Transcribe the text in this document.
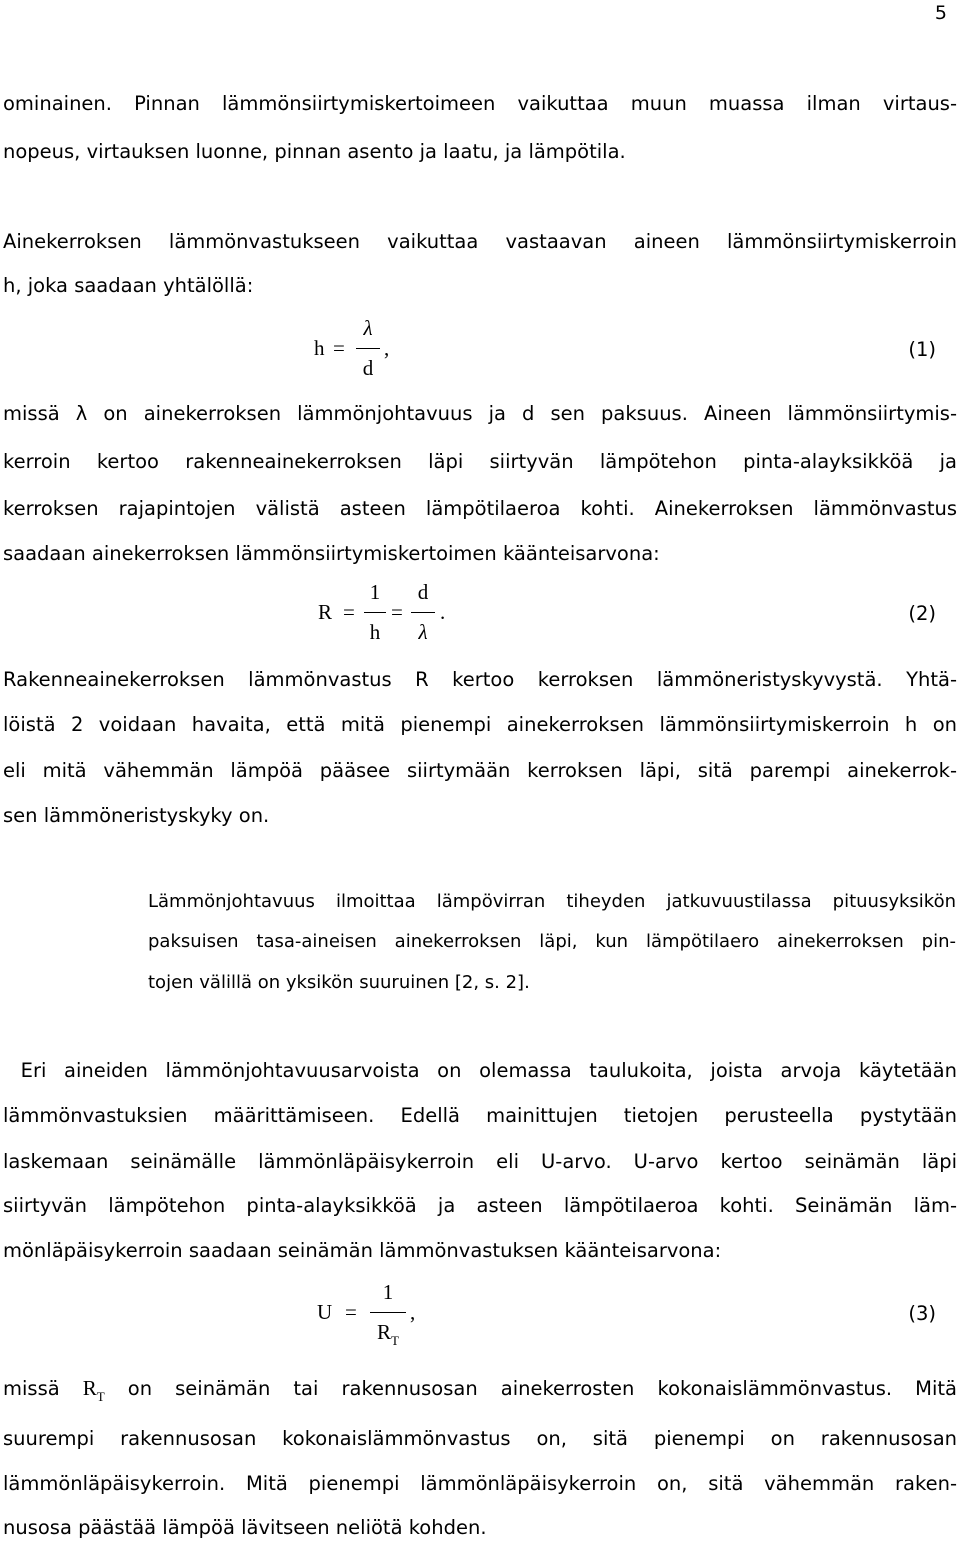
5
ominainen. Pinnan lämmönsiirtymiskertoimeen vaikuttaa muun muassa ilman virtaus-
nopeus, virtauksen luonne, pinnan asento ja laatu, ja lämpötila.
Ainekerroksen lämmönvastukseen vaikuttaa vastaavan aineen lämmönsiirtymiskerroin
h, joka saadaan yhtälöllä:
h =
λ
d
,	(1)
missä λ on ainekerroksen lämmönjohtavuus ja d sen paksuus. Aineen lämmönsiirtymis-
kerroin kertoo rakenneainekerroksen läpi siirtyvän lämpötehon pinta-alayksikköä ja
kerroksen rajapintojen välistä asteen lämpötilaeroa kohti. Ainekerroksen lämmönvastus
saadaan ainekerroksen lämmönsiirtymiskertoimen käänteisarvona:
R =
1
h
=
d
λ
.	(2)
Rakenneainekerroksen lämmönvastus R kertoo kerroksen lämmöneristyskyvystä. Yhtä-
löistä 2 voidaan havaita, että mitä pienempi ainekerroksen lämmönsiirtymiskerroin h on
eli mitä vähemmän lämpöä pääsee siirtymään kerroksen läpi, sitä parempi ainekerrok-
sen lämmöneristyskyky on.
Lämmönjohtavuus ilmoittaa lämpövirran tiheyden jatkuvuustilassa pituusyksikön
paksuisen tasa-aineisen ainekerroksen läpi, kun lämpötilaero ainekerroksen pin-
tojen välillä on yksikön suuruinen [2, s. 2].
Eri aineiden lämmönjohtavuusarvoista on olemassa taulukoita, joista arvoja käytetään
lämmönvastuksien määrittämiseen. Edellä mainittujen tietojen perusteella pystytään
laskemaan seinämälle lämmönläpäisykerroin eli U-arvo. U-arvo kertoo seinämän läpi
siirtyvän lämpötehon pinta-alayksikköä ja asteen lämpötilaeroa kohti. Seinämän läm-
mönläpäisykerroin saadaan seinämän lämmönvastuksen käänteisarvona:
U =
1
$R_T$
,	(3)
missä $R_T$ on seinämän tai rakennusosan ainekerrosten kokonaislämmönvastus. Mitä
suurempi rakennusosan kokonaislämmönvastus on, sitä pienempi on rakennusosan
lämmönläpäisykerroin. Mitä pienempi lämmönläpäisykerroin on, sitä vähemmän raken-
nusosa päästää lämpöä lävitseen neliötä kohden.
